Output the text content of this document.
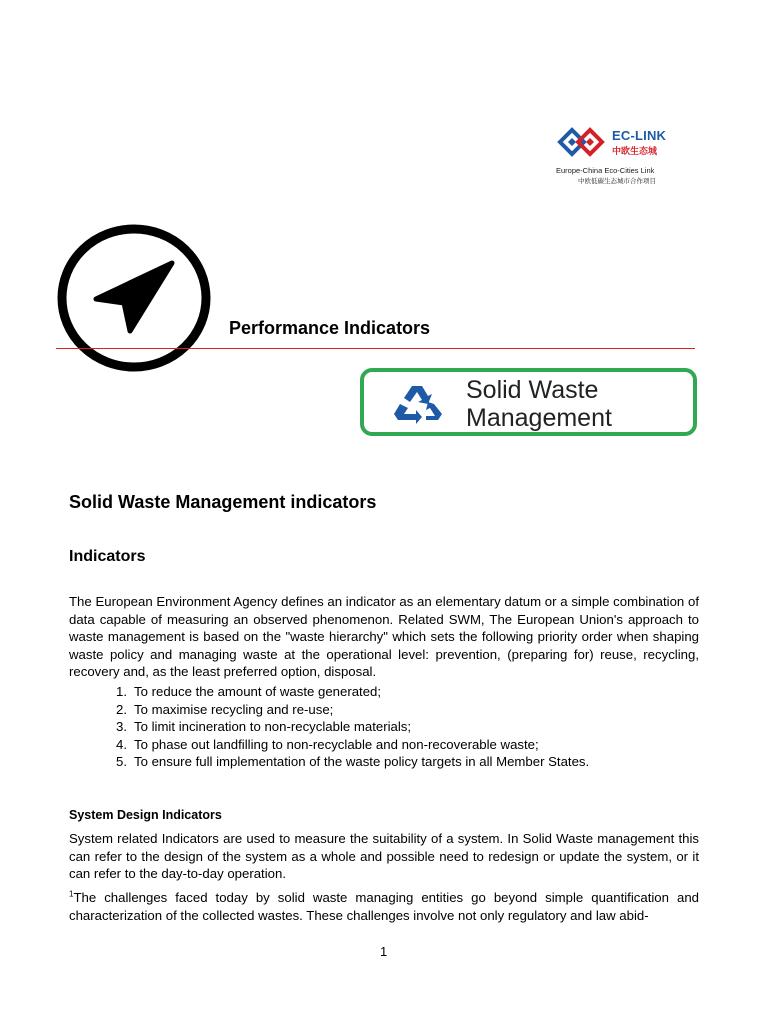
EC-LINK
中欧生态城
Europe-China Eco-Cities Link
中欧低碳生态城市合作项目
Performance Indicators
Solid Waste
Management
Solid Waste Management indicators
Indicators
The European Environment Agency defines an indicator as an elementary datum or a simple combination of data capable of measuring an observed phenomenon. Related SWM, The European Union's approach to waste management is based on the "waste hierarchy" which sets the following priority order when shaping waste policy and managing waste at the operational level: prevention, (preparing for) reuse, recycling, recovery and, as the least preferred option, disposal.
1. To reduce the amount of waste generated;
2. To maximise recycling and re-use;
3. To limit incineration to non-recyclable materials;
4. To phase out landfilling to non-recyclable and non-recoverable waste;
5. To ensure full implementation of the waste policy targets in all Member States.
System Design Indicators
System related Indicators are used to measure the suitability of a system. In Solid Waste management this can refer to the design of the system as a whole and possible need to redesign or update the system, or it can refer to the day-to-day operation.
$^1$The challenges faced today by solid waste managing entities go beyond simple quantification and characterization of the collected wastes. These challenges involve not only regulatory and law abid-
1
